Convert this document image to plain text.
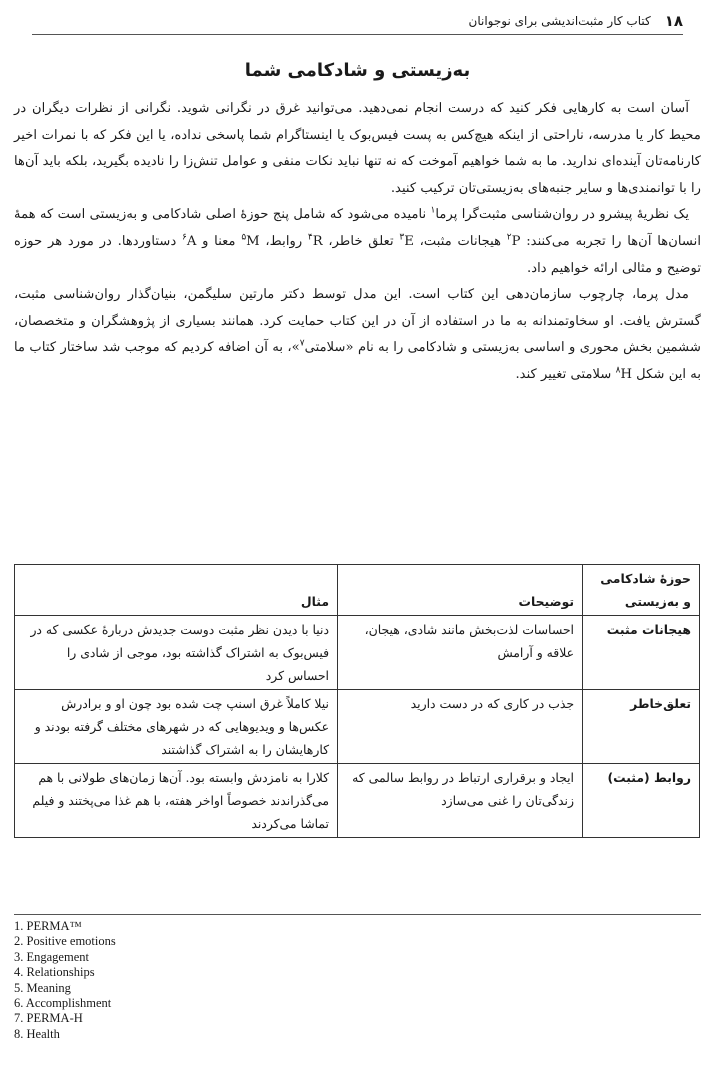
۱۸
کتاب کار مثبت‌اندیشی برای نوجوانان
به‌زیستی و شادکامی شما

آسان است به کارهایی فکر کنید که درست انجام نمی‌دهید. می‌توانید غرق در نگرانی شوید. نگرانی از نظرات دیگران در محیط کار یا مدرسه، ناراحتی از اینکه هیچ‌کس به پست فیس‌بوک یا اینستاگرام شما پاسخی نداده، یا این فکر که با نمرات اخیر کارنامه‌تان آینده‌ای ندارید. ما به شما خواهیم آموخت که نه تنها نباید نکات منفی و عوامل تنش‌زا را نادیده بگیرید، بلکه باید آن‌ها را با توانمندی‌ها و سایر جنبه‌های به‌زیستی‌تان ترکیب کنید.

یک نظریهٔ پیشرو در روان‌شناسی مثبت‌گرا پرما$^۱$ نامیده می‌شود که شامل پنج حوزهٔ اصلی شادکامی و به‌زیستی است که همهٔ انسان‌ها آن‌ها را تجربه می‌کنند: $P^۲$ هیجانات مثبت، $E^۳$ تعلق خاطر، $R^۴$ روابط، $M^۵$ معنا و $A^۶$ دستاوردها. در مورد هر حوزه توضیح و مثالی ارائه خواهیم داد.

مدل پرما، چارچوب سازمان‌دهی این کتاب است. این مدل توسط دکتر مارتین سلیگمن، بنیان‌گذار روان‌شناسی مثبت، گسترش یافت. او سخاوتمندانه به ما در استفاده از آن در این کتاب حمایت کرد. همانند بسیاری از پژوهشگران و متخصصان، ششمین بخش محوری و اساسی به‌زیستی و شادکامی را به نام «سلامتی$^۷$»، به آن اضافه کردیم که موجب شد ساختار کتاب ما به این شکل $H^۸$ سلامتی تغییر کند.

حوزهٔ شادکامی و به‌زیستی	توضیحات	مثال
هیجانات مثبت	احساسات لذت‌بخش مانند شادی، هیجان، علاقه و آرامش	دنیا با دیدن نظر مثبت دوست جدیدش دربارهٔ عکسی که در فیس‌بوک به اشتراک گذاشته بود، موجی از شادی را احساس کرد
تعلق‌خاطر	جذب در کاری که در دست دارید	نیلا کاملاً غرق اسنپ چت شده بود چون او و برادرش عکس‌ها و ویدیوهایی که در شهرهای مختلف گرفته بودند و کارهایشان را به اشتراک گذاشتند
روابط (مثبت)	ایجاد و برقراری ارتباط در روابط سالمی که زندگی‌تان را غنی می‌سازد	کلارا به نامزدش وابسته بود. آن‌ها زمان‌های طولانی با هم می‌گذراندند خصوصاً اواخر هفته، با هم غذا می‌پختند و فیلم تماشا می‌کردند
1. PERMA™
2. Positive emotions
3. Engagement
4. Relationships
5. Meaning
6. Accomplishment
7. PERMA-H
8. Health
